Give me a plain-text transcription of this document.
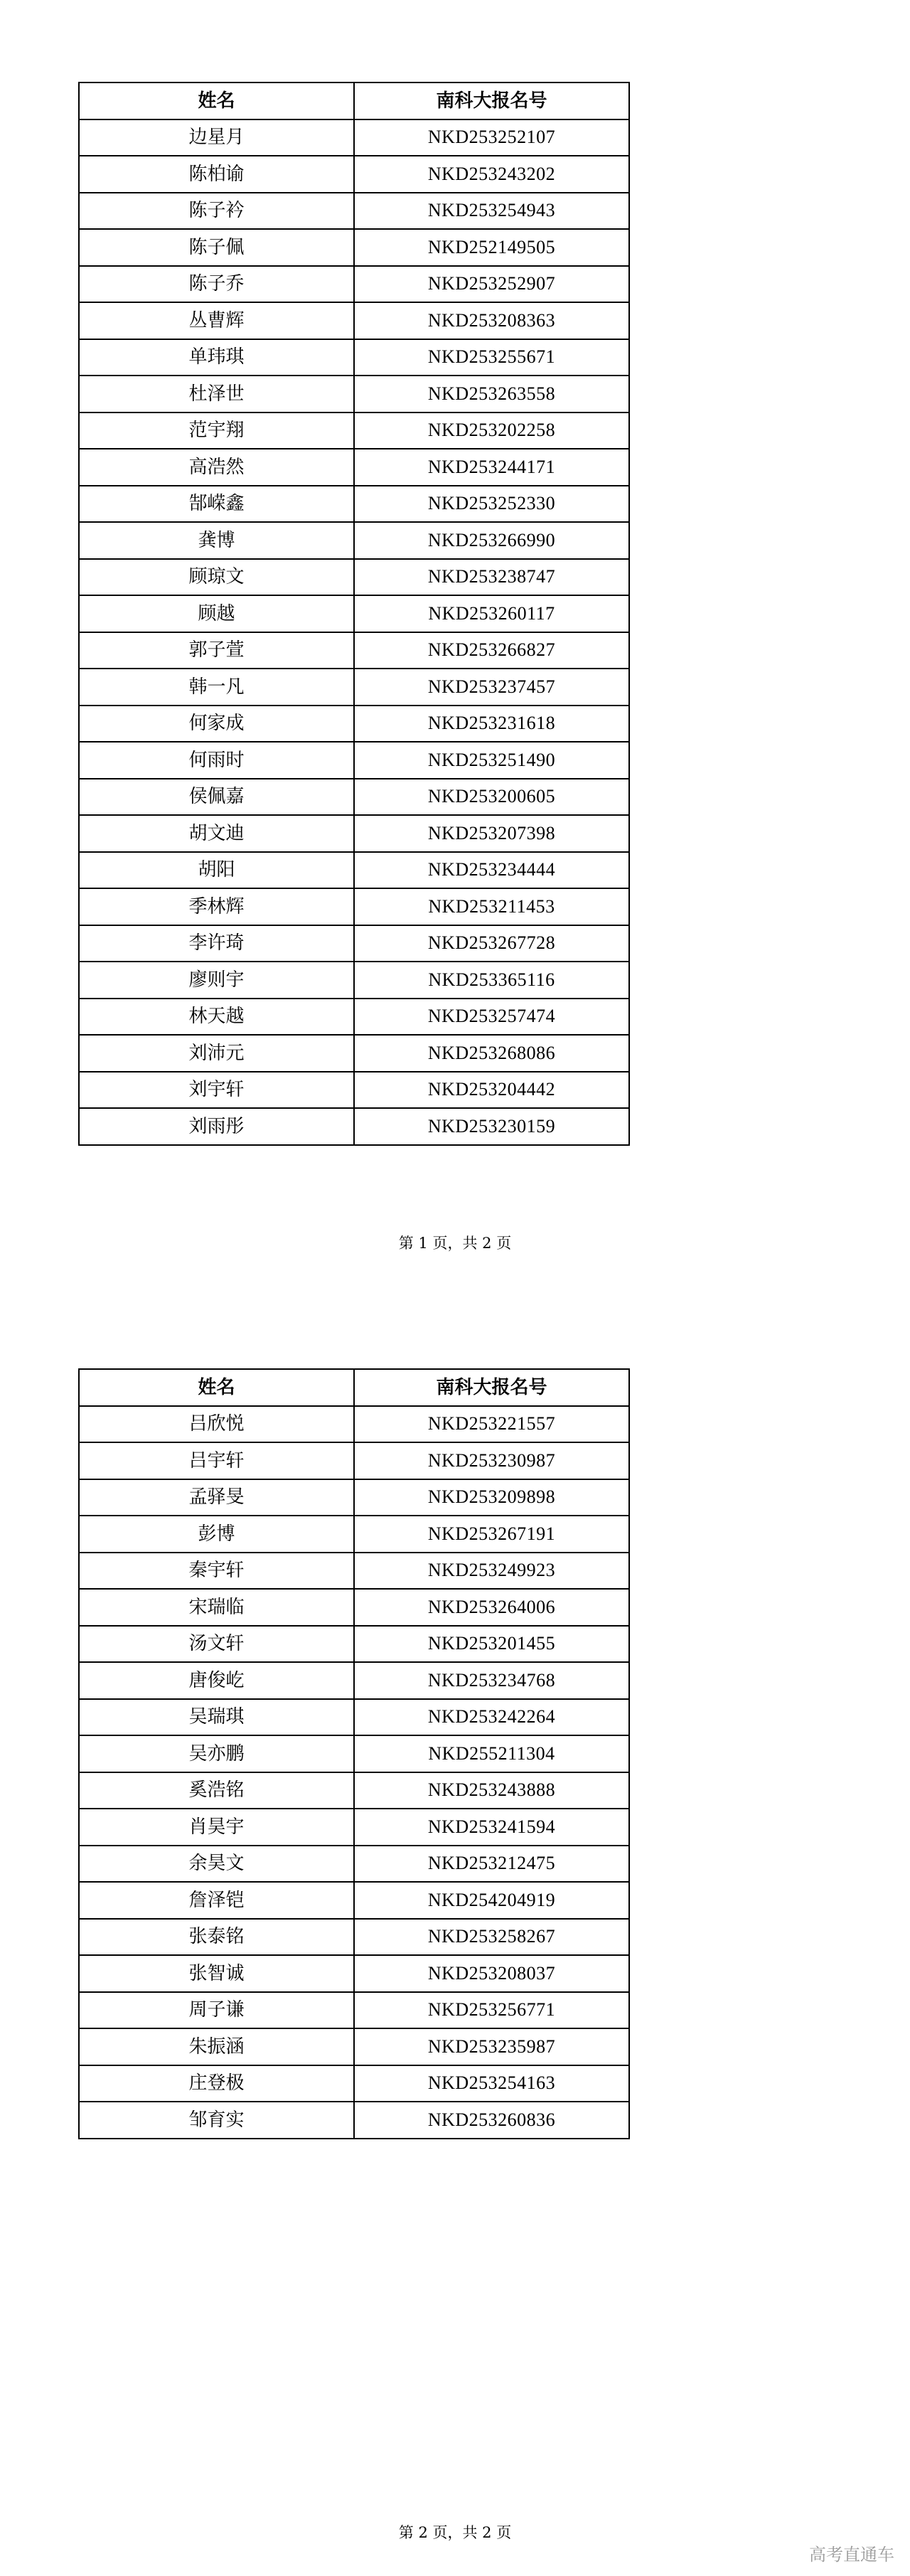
姓名	南科大报名号
边星月	NKD253252107
陈柏谕	NKD253243202
陈子衿	NKD253254943
陈子佩	NKD252149505
陈子乔	NKD253252907
丛曹辉	NKD253208363
单玮琪	NKD253255671
杜泽世	NKD253263558
范宇翔	NKD253202258
高浩然	NKD253244171
郜嵘鑫	NKD253252330
龚博	NKD253266990
顾琼文	NKD253238747
顾越	NKD253260117
郭子萱	NKD253266827
韩一凡	NKD253237457
何家成	NKD253231618
何雨时	NKD253251490
侯佩嘉	NKD253200605
胡文迪	NKD253207398
胡阳	NKD253234444
季林辉	NKD253211453
李许琦	NKD253267728
廖则宇	NKD253365116
林天越	NKD253257474
刘沛元	NKD253268086
刘宇轩	NKD253204442
刘雨彤	NKD253230159
第 1 页，共 2 页
姓名	南科大报名号
吕欣悦	NKD253221557
吕宇轩	NKD253230987
孟驿旻	NKD253209898
彭博	NKD253267191
秦宇轩	NKD253249923
宋瑞临	NKD253264006
汤文轩	NKD253201455
唐俊屹	NKD253234768
吴瑞琪	NKD253242264
吴亦鹏	NKD255211304
奚浩铭	NKD253243888
肖昊宇	NKD253241594
余昊文	NKD253212475
詹泽铠	NKD254204919
张泰铭	NKD253258267
张智诚	NKD253208037
周子谦	NKD253256771
朱振涵	NKD253235987
庄登极	NKD253254163
邹育实	NKD253260836
第 2 页，共 2 页
高考直通车
